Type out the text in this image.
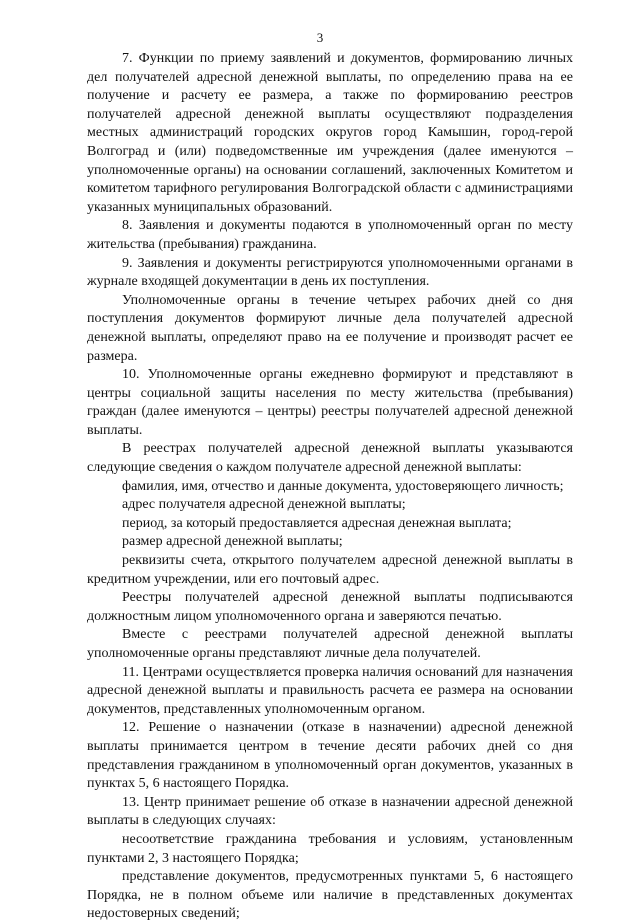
3

7. Функции по приему заявлений и документов, формированию личных дел получателей адресной денежной выплаты, по определению права на ее получение и расчету ее размера, а также по формированию реестров получателей адресной денежной выплаты осуществляют подразделения местных администраций городских округов город Камышин, город-герой Волгоград и (или) подведомственные им учреждения (далее именуются – уполномоченные органы) на основании соглашений, заключенных Комитетом и комитетом тарифного регулирования Волгоградской области с администрациями указанных муниципальных образований.

8. Заявления и документы подаются в уполномоченный орган по месту жительства (пребывания) гражданина.

9. Заявления и документы регистрируются уполномоченными органами в журнале входящей документации в день их поступления.

Уполномоченные органы в течение четырех рабочих дней со дня поступления документов формируют личные дела получателей адресной денежной выплаты, определяют право на ее получение и производят расчет ее размера.

10. Уполномоченные органы ежедневно формируют и представляют в центры социальной защиты населения по месту жительства (пребывания) граждан (далее именуются – центры) реестры получателей адресной денежной выплаты.

В реестрах получателей адресной денежной выплаты указываются следующие сведения о каждом получателе адресной денежной выплаты:

фамилия, имя, отчество и данные документа, удостоверяющего личность;

адрес получателя адресной денежной выплаты;

период, за который предоставляется адресная денежная выплата;

размер адресной денежной выплаты;

реквизиты счета, открытого получателем адресной денежной выплаты в кредитном учреждении, или его почтовый адрес.

Реестры получателей адресной денежной выплаты подписываются должностным лицом уполномоченного органа и заверяются печатью.

Вместе с реестрами получателей адресной денежной выплаты уполномоченные органы представляют личные дела получателей.

11. Центрами осуществляется проверка наличия оснований для назначения адресной денежной выплаты и правильность расчета ее размера на основании документов, представленных уполномоченным органом.

12. Решение о назначении (отказе в назначении) адресной денежной выплаты принимается центром в течение десяти рабочих дней со дня представления гражданином в уполномоченный орган документов, указанных в пунктах 5, 6 настоящего Порядка.

13. Центр принимает решение об отказе в назначении адресной денежной выплаты в следующих случаях:

несоответствие гражданина требования и условиям, установленным пунктами 2, 3 настоящего Порядка;

представление документов, предусмотренных пунктами 5, 6 настоящего Порядка, не в полном объеме или наличие в представленных документах недостоверных сведений;
